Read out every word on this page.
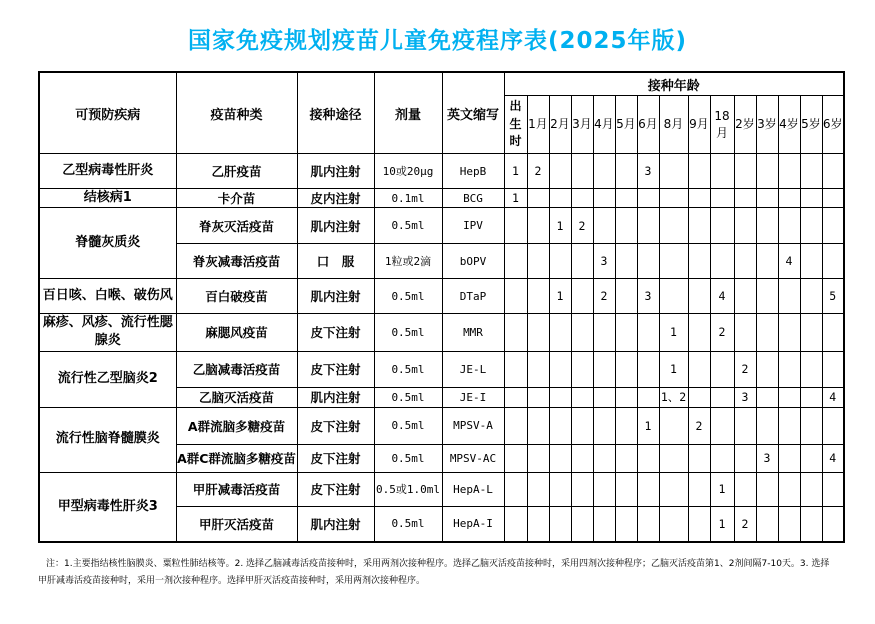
国家免疫规划疫苗儿童免疫程序表(2025年版)
可预防疾病	疫苗种类	接种途径	剂量	英文缩写	接种年龄														
					出生时	1月	2月	3月	4月	5月	6月	8月	9月	18月	2岁	3岁	4岁	5岁	6岁
乙型病毒性肝炎	乙肝疫苗	肌内注射	10或20μg	HepB	1	2					3								
结核病1	卡介苗	皮内注射	0.1ml	BCG	1														
脊髓灰质炎	脊灰灭活疫苗	肌内注射	0.5ml	IPV			1	2											
	脊灰减毒活疫苗	口　服	1粒或2滴	bOPV					3								4		
百日咳、白喉、破伤风	百白破疫苗	肌内注射	0.5ml	DTaP			1		2		3			4					5
麻疹、风疹、流行性腮腺炎	麻腮风疫苗	皮下注射	0.5ml	MMR								1		2					
流行性乙型脑炎2	乙脑减毒活疫苗	皮下注射	0.5ml	JE-L								1			2				
	乙脑灭活疫苗	肌内注射	0.5ml	JE-I								1、2			3				4
流行性脑脊髓膜炎	A群流脑多糖疫苗	皮下注射	0.5ml	MPSV-A							1		2						
	A群C群流脑多糖疫苗	皮下注射	0.5ml	MPSV-AC												3			4
甲型病毒性肝炎3	甲肝减毒活疫苗	皮下注射	0.5或1.0ml	HepA-L										1					
	甲肝灭活疫苗	肌内注射	0.5ml	HepA-I										1	2				
注：1.主要指结核性脑膜炎、粟粒性肺结核等。2. 选择乙脑减毒活疫苗接种时，采用两剂次接种程序。选择乙脑灭活疫苗接种时，采用四剂次接种程序；乙脑灭活疫苗第1、2剂间隔7-10天。3. 选择甲肝减毒活疫苗接种时，采用一剂次接种程序。选择甲肝灭活疫苗接种时，采用两剂次接种程序。
